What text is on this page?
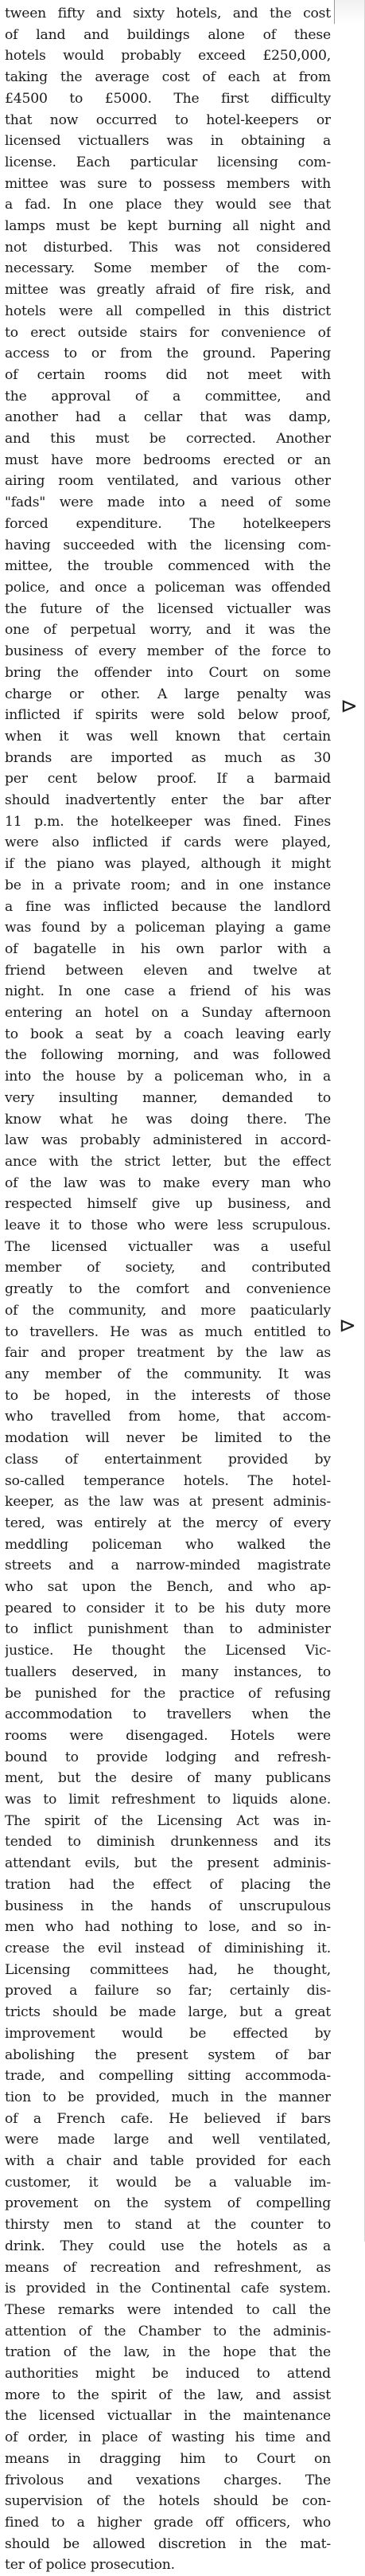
tween fifty and sixty hotels, and the cost
of land and buildings alone of these
hotels would probably exceed £250,000,
taking the average cost of each at from
£4500 to £5000. The first difficulty
that now occurred to hotel-keepers or
licensed victuallers was in obtaining a
license. Each particular licensing com-
mittee was sure to possess members with
a fad. In one place they would see that
lamps must be kept burning all night and
not disturbed. This was not considered
necessary. Some member of the com-
mittee was greatly afraid of fire risk, and
hotels were all compelled in this district
to erect outside stairs for convenience of
access to or from the ground. Papering
of certain rooms did not meet with
the approval of a committee, and
another had a cellar that was damp,
and this must be corrected. Another
must have more bedrooms erected or an
airing room ventilated, and various other
"fads" were made into a need of some
forced expenditure. The hotelkeepers
having succeeded with the licensing com-
mittee, the trouble commenced with the
police, and once a policeman was offended
the future of the licensed victualler was
one of perpetual worry, and it was the
business of every member of the force to
bring the offender into Court on some
charge or other. A large penalty was
inflicted if spirits were sold below proof,
when it was well known that certain
brands are imported as much as 30
per cent below proof. If a barmaid
should inadvertently enter the bar after
11 p.m. the hotelkeeper was fined. Fines
were also inflicted if cards were played,
if the piano was played, although it might
be in a private room; and in one instance
a fine was inflicted because the landlord
was found by a policeman playing a game
of bagatelle in his own parlor with a
friend between eleven and twelve at
night. In one case a friend of his was
entering an hotel on a Sunday afternoon
to book a seat by a coach leaving early
the following morning, and was followed
into the house by a policeman who, in a
very insulting manner, demanded to
know what he was doing there. The
law was probably administered in accord-
ance with the strict letter, but the effect
of the law was to make every man who
respected himself give up business, and
leave it to those who were less scrupulous.
The licensed victualler was a useful
member of society, and contributed
greatly to the comfort and convenience
of the community, and more paaticularly
to travellers. He was as much entitled to
fair and proper treatment by the law as
any member of the community. It was
to be hoped, in the interests of those
who travelled from home, that accom-
modation will never be limited to the
class of entertainment provided by
so-called temperance hotels. The hotel-
keeper, as the law was at present adminis-
tered, was entirely at the mercy of every
meddling policeman who walked the
streets and a narrow-minded magistrate
who sat upon the Bench, and who ap-
peared to consider it to be his duty more
to inflict punishment than to administer
justice. He thought the Licensed Vic-
tuallers deserved, in many instances, to
be punished for the practice of refusing
accommodation to travellers when the
rooms were disengaged. Hotels were
bound to provide lodging and refresh-
ment, but the desire of many publicans
was to limit refreshment to liquids alone.
The spirit of the Licensing Act was in-
tended to diminish drunkenness and its
attendant evils, but the present adminis-
tration had the effect of placing the
business in the hands of unscrupulous
men who had nothing to lose, and so in-
crease the evil instead of diminishing it.
Licensing committees had, he thought,
proved a failure so far; certainly dis-
tricts should be made large, but a great
improvement would be effected by
abolishing the present system of bar
trade, and compelling sitting accommoda-
tion to be provided, much in the manner
of a French cafe. He believed if bars
were made large and well ventilated,
with a chair and table provided for each
customer, it would be a valuable im-
provement on the system of compelling
thirsty men to stand at the counter to
drink. They could use the hotels as a
means of recreation and refreshment, as
is provided in the Continental cafe system.
These remarks were intended to call the
attention of the Chamber to the adminis-
tration of the law, in the hope that the
authorities might be induced to attend
more to the spirit of the law, and assist
the licensed victuallar in the maintenance
of order, in place of wasting his time and
means in dragging him to Court on
frivolous and vexations charges. The
supervision of the hotels should be con-
fined to a higher grade off officers, who
should be allowed discretion in the mat-
ter of police prosecution.
⊳
⊳
